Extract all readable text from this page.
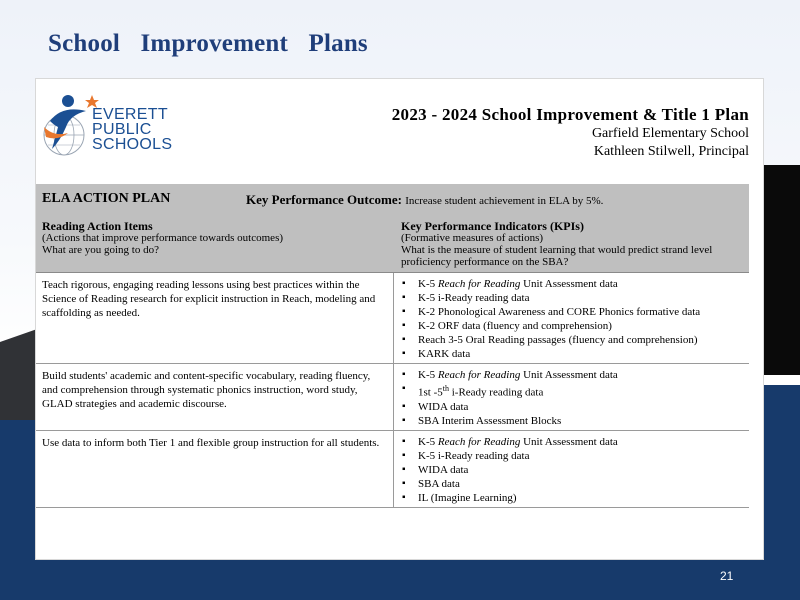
School Improvement Plans
EVERETT
PUBLIC
SCHOOLS
2023 - 2024 School Improvement & Title 1 Plan
Garfield Elementary School
Kathleen Stilwell, Principal
ELA ACTION PLAN	Key Performance Outcome: Increase student achievement in ELA by 5%.
Reading Action Items
(Actions that improve performance towards outcomes)
What are you going to do?
Key Performance Indicators (KPIs)
(Formative measures of actions)
What is the measure of student learning that would predict strand level proficiency performance on the SBA?
Teach rigorous, engaging reading lessons using best practices within the Science of Reading research for explicit instruction in Reach, modeling and scaffolding as needed.
▪ K-5 Reach for Reading Unit Assessment data
▪ K-5 i-Ready reading data
▪ K-2 Phonological Awareness and CORE Phonics formative data
▪ K-2 ORF data (fluency and comprehension)
▪ Reach 3-5 Oral Reading passages (fluency and comprehension)
▪ KARK data
Build students' academic and content-specific vocabulary, reading fluency, and comprehension through systematic phonics instruction, word study, GLAD strategies and academic discourse.
▪ K-5 Reach for Reading Unit Assessment data
▪ 1st -5th i-Ready reading data
▪ WIDA data
▪ SBA Interim Assessment Blocks
Use data to inform both Tier 1 and flexible group instruction for all students.
▪	K-5 Reach for Reading Unit Assessment data
▪ K-5 i-Ready reading data
▪ WIDA data
▪ SBA data
▪ IL (Imagine Learning)
21
